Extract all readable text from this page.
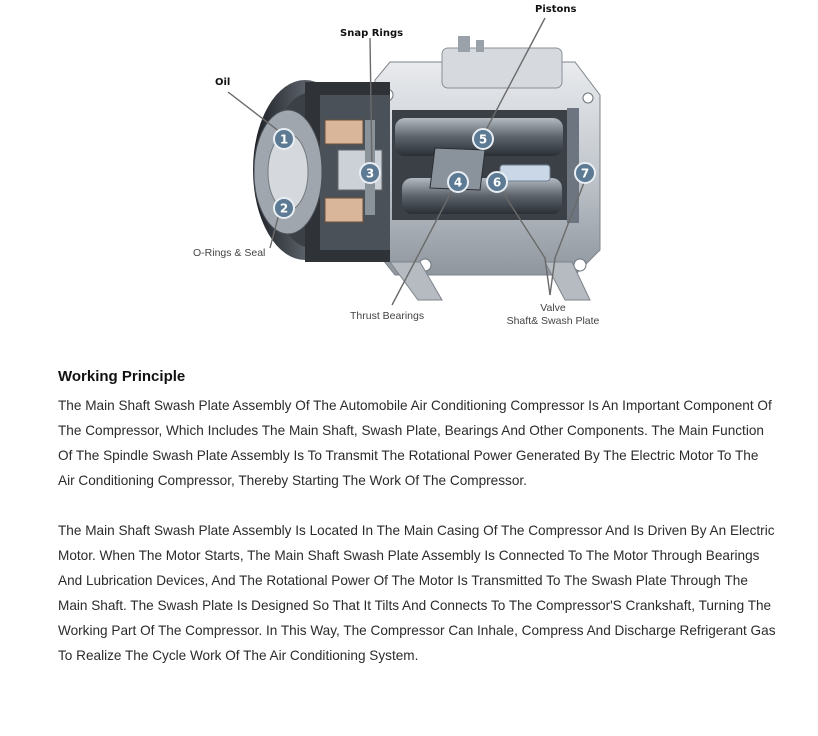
Oil
Snap Rings
Pistons
O-Rings & Seal
Thrust Bearings
Valve
Shaft& Swash Plate
1
2
3
4
5
6
7
Working Principle

The Main Shaft Swash Plate Assembly Of The Automobile Air Conditioning Compressor Is An Important Component Of The Compressor, Which Includes The Main Shaft, Swash Plate, Bearings And Other Components. The Main Function Of The Spindle Swash Plate Assembly Is To Transmit The Rotational Power Generated By The Electric Motor To The Air Conditioning Compressor, Thereby Starting The Work Of The Compressor.

The Main Shaft Swash Plate Assembly Is Located In The Main Casing Of The Compressor And Is Driven By An Electric Motor. When The Motor Starts, The Main Shaft Swash Plate Assembly Is Connected To The Motor Through Bearings And Lubrication Devices, And The Rotational Power Of The Motor Is Transmitted To The Swash Plate Through The Main Shaft. The Swash Plate Is Designed So That It Tilts And Connects To The Compressor'S Crankshaft, Turning The Working Part Of The Compressor. In This Way, The Compressor Can Inhale, Compress And Discharge Refrigerant Gas To Realize The Cycle Work Of The Air Conditioning System.
